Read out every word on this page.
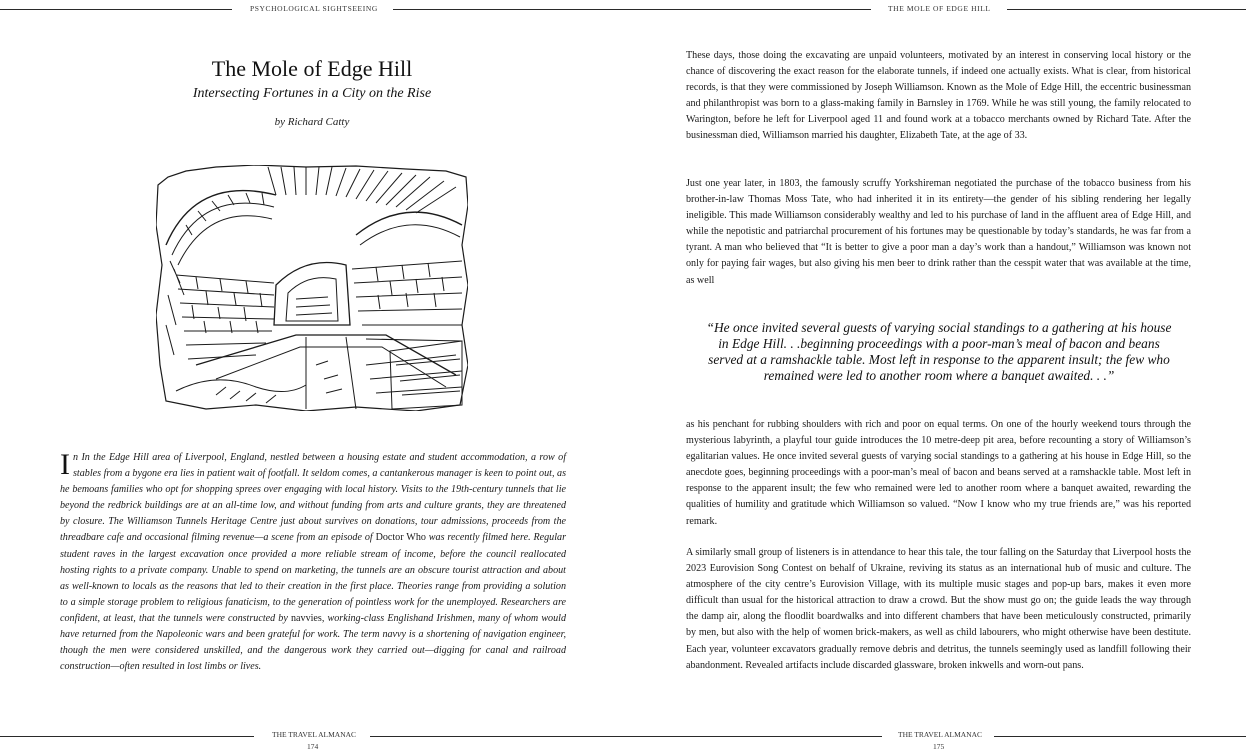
PSYCHOLOGICAL SIGHTSEEING	THE MOLE OF EDGE HILL
The Mole of Edge Hill
Intersecting Fortunes in a City on the Rise
by Richard Catty

In In the Edge Hill area of Liverpool, England, nestled between a housing estate and student accommodation, a row of stables from a bygone era lies in patient wait of footfall. It seldom comes, a cantankerous manager is keen to point out, as he bemoans families who opt for shopping sprees over engaging with local history. Visits to the 19th-century tunnels that lie beyond the redbrick buildings are at an all-time low, and without funding from arts and culture grants, they are threatened by closure. The Williamson Tunnels Heritage Centre just about survives on donations, tour admissions, proceeds from the threadbare cafe and occasional filming revenue—a scene from an episode of Doctor Who was recently filmed here. Regular student raves in the largest excavation once provided a more reliable stream of income, before the council reallocated hosting rights to a private company. Unable to spend on marketing, the tunnels are an obscure tourist attraction and about as well-known to locals as the reasons that led to their creation in the first place. Theories range from providing a solution to a simple storage problem to religious fanaticism, to the generation of pointless work for the unemployed. Researchers are confident, at least, that the tunnels were constructed by navvies, working-class Englishand Irishmen, many of whom would have returned from the Napoleonic wars and been grateful for work. The term navvy is a shortening of navigation engineer, though the men were considered unskilled, and the dangerous work they carried out—digging for canal and railroad construction—often resulted in lost limbs or lives.

These days, those doing the excavating are unpaid volunteers, motivated by an interest in conserving local history or the chance of discovering the exact reason for the elaborate tunnels, if indeed one actually exists. What is clear, from historical records, is that they were commissioned by Joseph Williamson. Known as the Mole of Edge Hill, the eccentric businessman and philanthropist was born to a glass-making family in Barnsley in 1769. While he was still young, the family relocated to Warington, before he left for Liverpool aged 11 and found work at a tobacco merchants owned by Richard Tate. After the businessman died, Williamson married his daughter, Elizabeth Tate, at the age of 33.

Just one year later, in 1803, the famously scruffy Yorkshireman negotiated the purchase of the tobacco business from his brother-in-law Thomas Moss Tate, who had inherited it in its entirety—the gender of his sibling rendering her legally ineligible. This made Williamson considerably wealthy and led to his purchase of land in the affluent area of Edge Hill, and while the nepotistic and patriarchal procurement of his fortunes may be questionable by today’s standards, he was far from a tyrant. A man who believed that “It is better to give a poor man a day’s work than a handout,” Williamson was known not only for paying fair wages, but also giving his men beer to drink rather than the cesspit water that was available at the time, as well

“He once invited several guests of varying social standings to a gathering at his house in Edge Hill. . .beginning proceedings with a poor-man’s meal of bacon and beans served at a ramshackle table. Most left in response to the apparent insult; the few who remained were led to another room where a banquet awaited. . .”

as his penchant for rubbing shoulders with rich and poor on equal terms. On one of the hourly weekend tours through the mysterious labyrinth, a playful tour guide introduces the 10 metre-deep pit area, before recounting a story of Williamson’s egalitarian values. He once invited several guests of varying social standings to a gathering at his house in Edge Hill, so the anecdote goes, beginning proceedings with a poor-man’s meal of bacon and beans served at a ramshackle table. Most left in response to the apparent insult; the few who remained were led to another room where a banquet awaited, rewarding the qualities of humility and gratitude which Williamson so valued. “Now I know who my true friends are,” was his reported remark.

A similarly small group of listeners is in attendance to hear this tale, the tour falling on the Saturday that Liverpool hosts the 2023 Eurovision Song Contest on behalf of Ukraine, reviving its status as an international hub of music and culture. The atmosphere of the city centre’s Eurovision Village, with its multiple music stages and pop-up bars, makes it even more difficult than usual for the historical attraction to draw a crowd. But the show must go on; the guide leads the way through the damp air, along the floodlit boardwalks and into different chambers that have been meticulously constructed, primarily by men, but also with the help of women brick-makers, as well as child labourers, who might otherwise have been destitute. Each year, volunteer excavators gradually remove debris and detritus, the tunnels seemingly used as landfill following their abandonment. Revealed artifacts include discarded glassware, broken inkwells and worn-out pans.

THE TRAVEL ALMANAC	THE TRAVEL ALMANAC
174	175
